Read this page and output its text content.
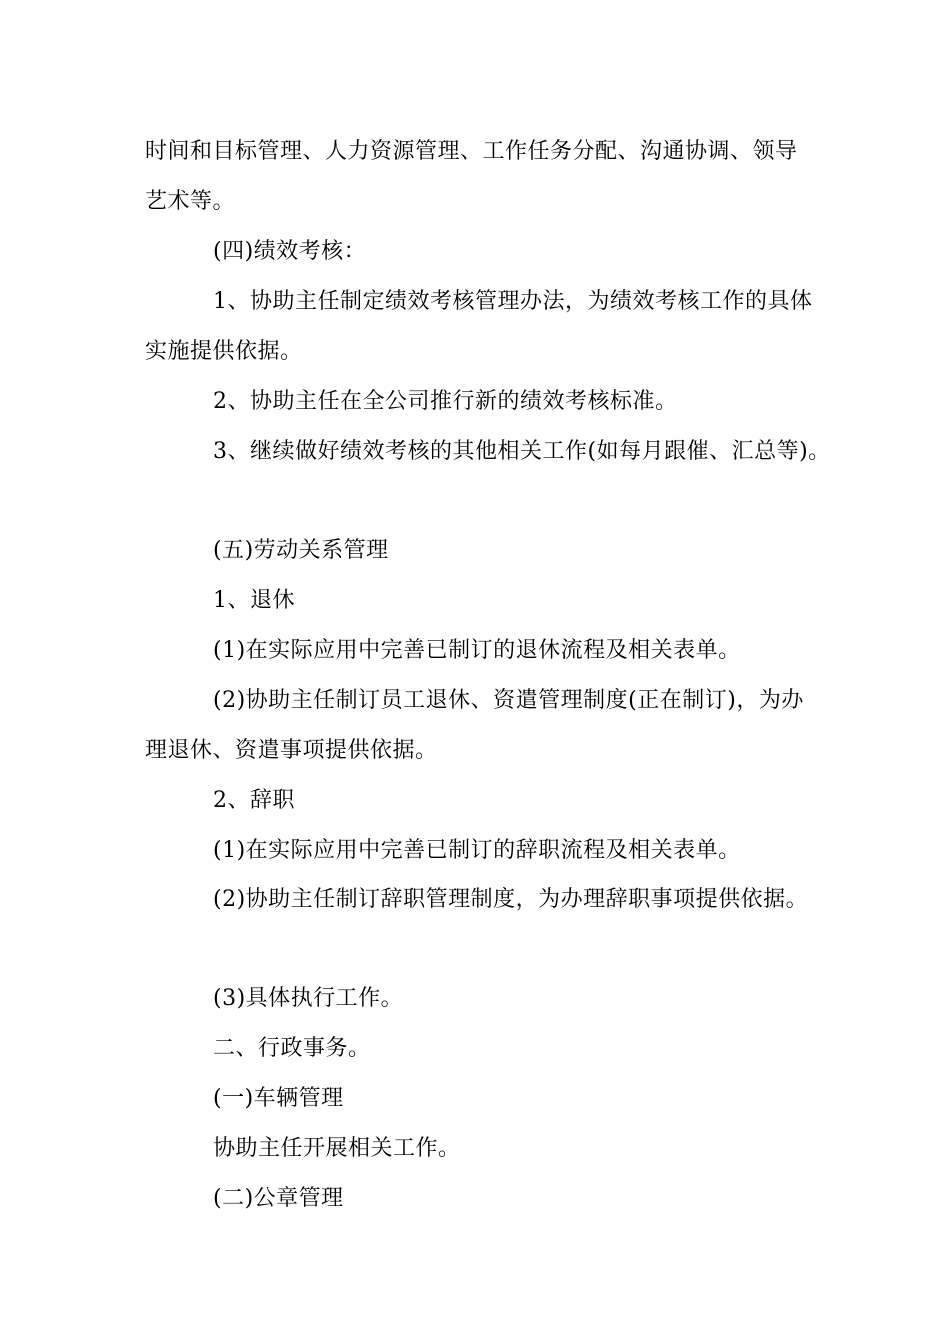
时间和目标管理、人力资源管理、工作任务分配、沟通协调、领导
艺术等。
(四)绩效考核：
1、协助主任制定绩效考核管理办法，为绩效考核工作的具体
实施提供依据。
2、协助主任在全公司推行新的绩效考核标准。
3、继续做好绩效考核的其他相关工作(如每月跟催、汇总等)。
(五)劳动关系管理
1、退休
(1)在实际应用中完善已制订的退休流程及相关表单。
(2)协助主任制订员工退休、资遣管理制度(正在制订)，为办
理退休、资遣事项提供依据。
2、辞职
(1)在实际应用中完善已制订的辞职流程及相关表单。
(2)协助主任制订辞职管理制度，为办理辞职事项提供依据。
(3)具体执行工作。
二、行政事务。
(一)车辆管理
协助主任开展相关工作。
(二)公章管理
